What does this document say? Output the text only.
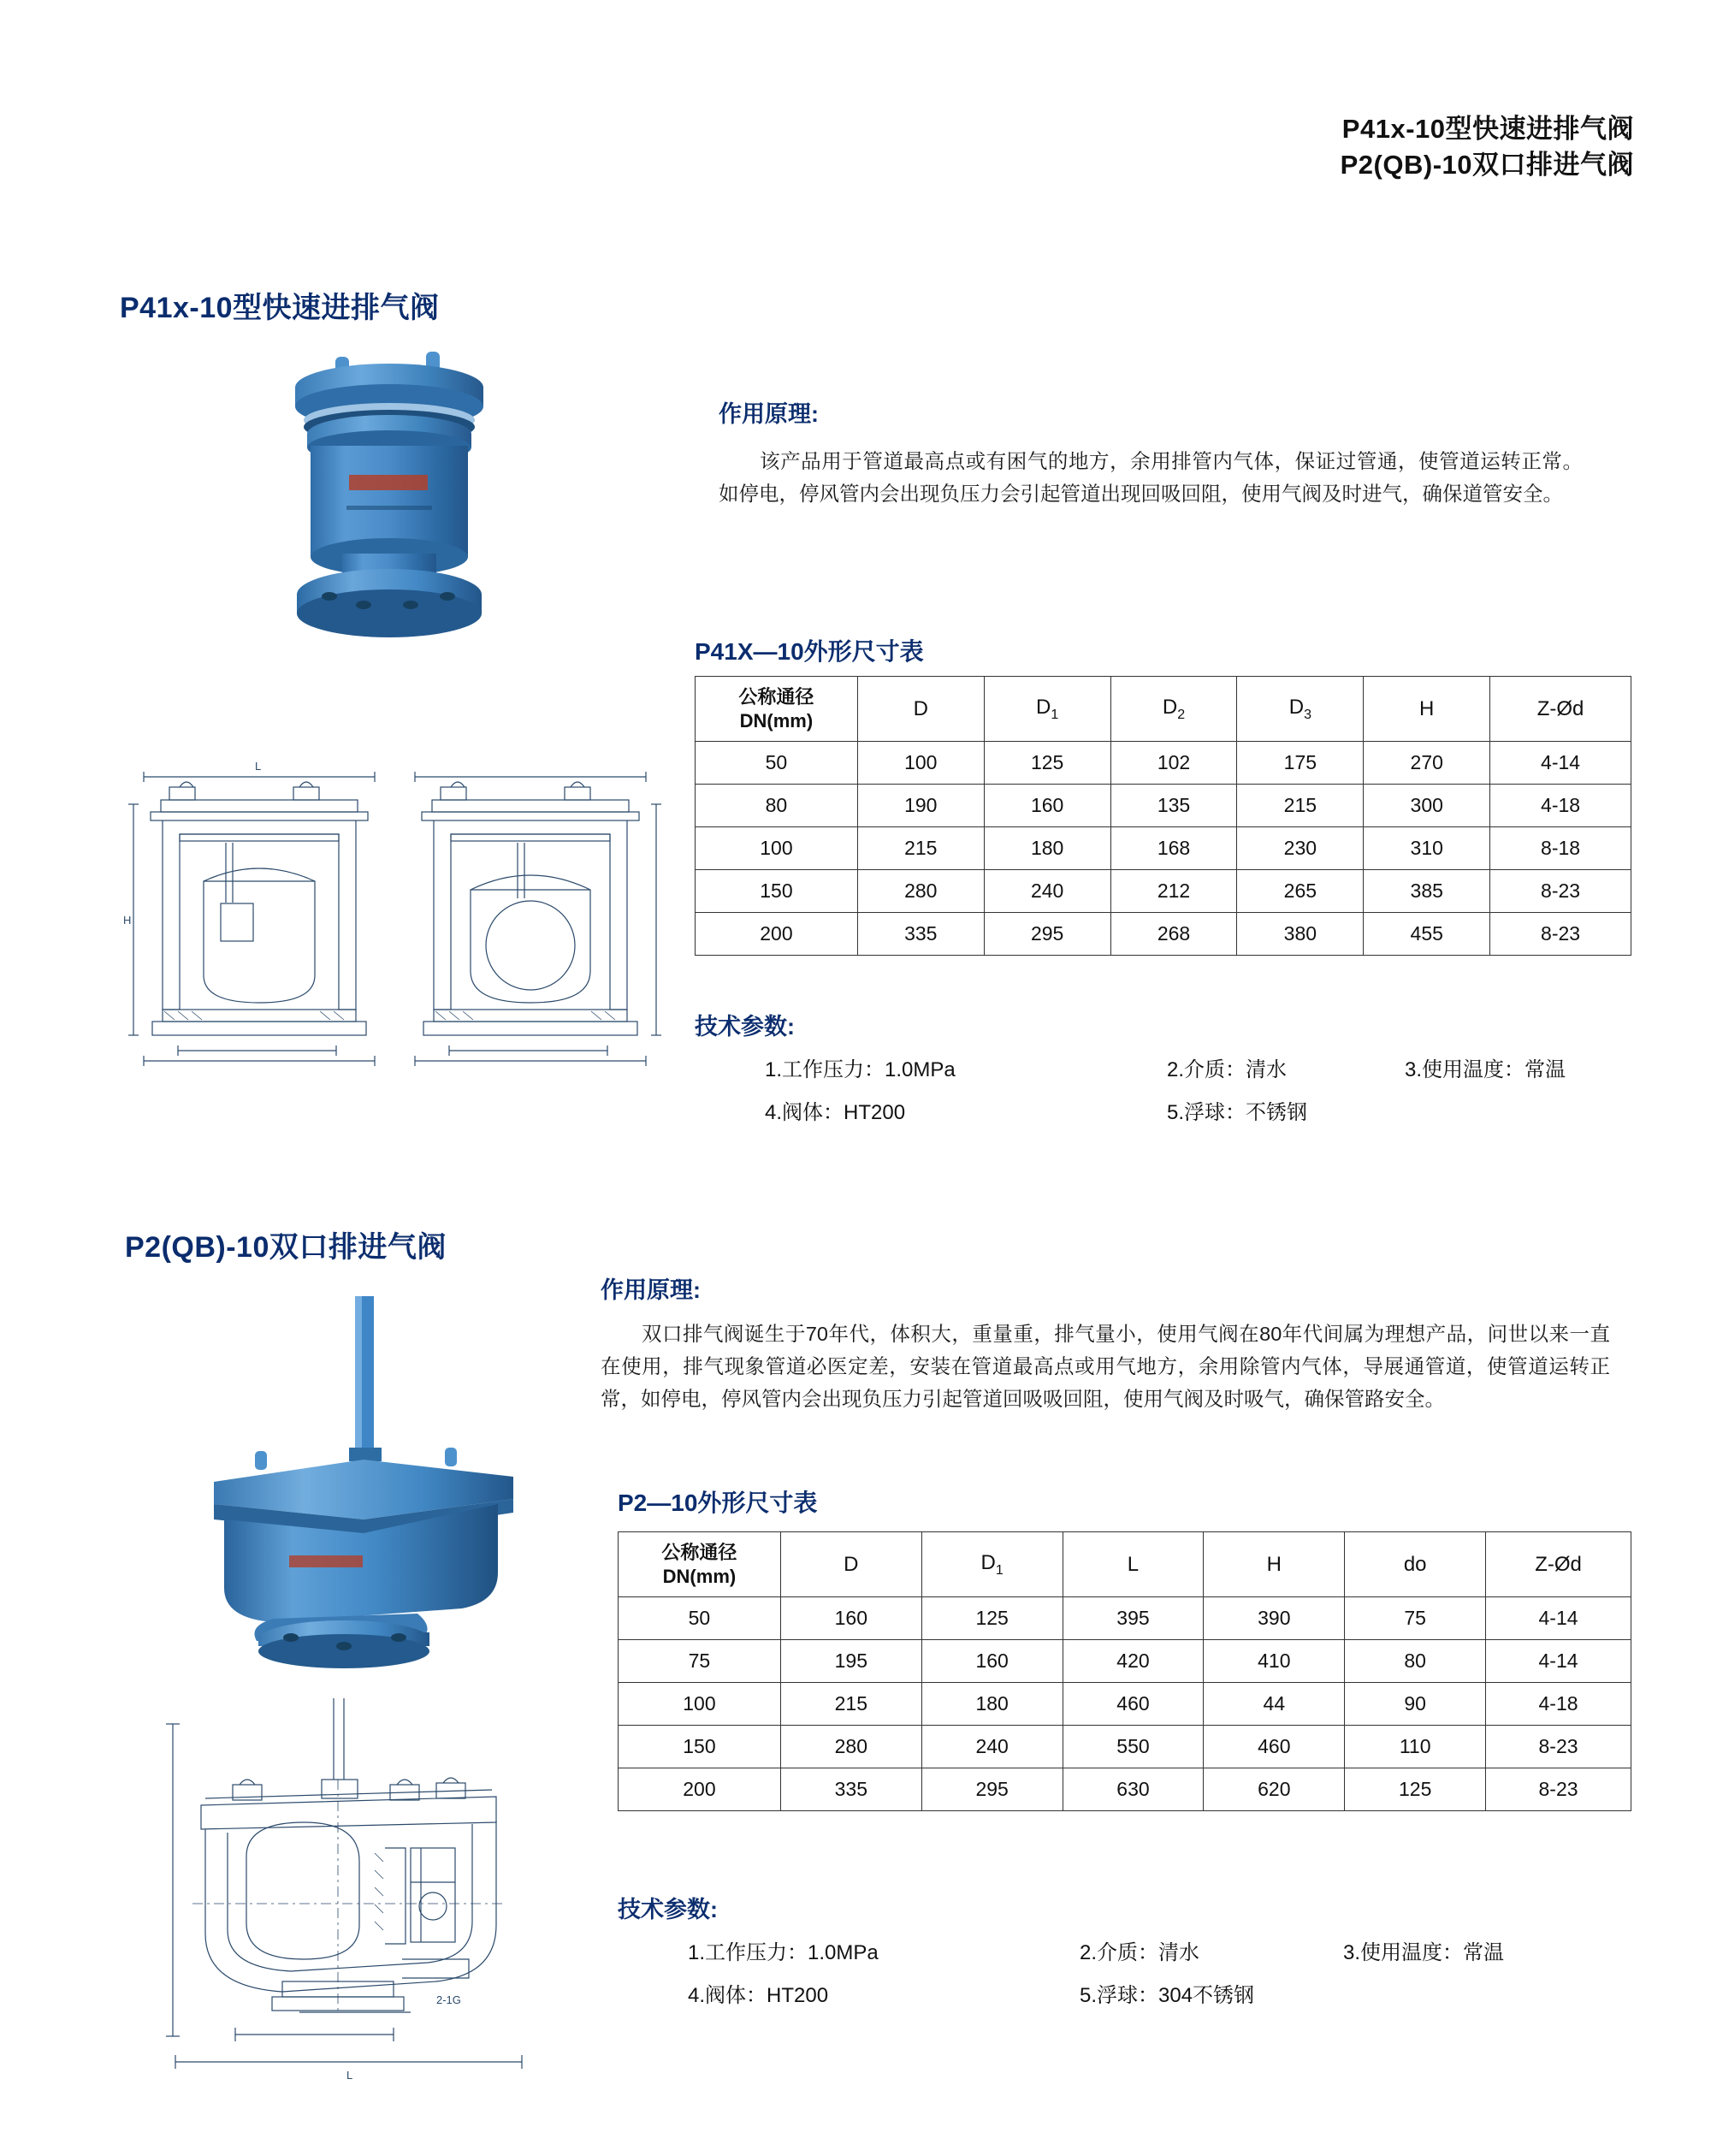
P41x-10型快速进排气阀
P2(QB)-10双口排进气阀
P41x-10型快速进排气阀
L
H
作用原理:
该产品用于管道最高点或有困气的地方，余用排管内气体，保证过管通，使管道运转正常。如停电，停风管内会出现负压力会引起管道出现回吸回阻，使用气阀及时进气，确保道管安全。
P41X—10外形尺寸表
公称通径
DN(mm)	D	$D_1$	$D_2$	$D_3$	H	Z-Ød
50	100	125	102	175	270	4-14
80	190	160	135	215	300	4-18
100	215	180	168	230	310	8-18
150	280	240	212	265	385	8-23
200	335	295	268	380	455	8-23
技术参数:
1.工作压力：1.0MPa	2.介质：清水	3.使用温度：常温
4.阀体：HT200	5.浮球：不锈钢
P2(QB)-10双口排进气阀
2-1G
L
作用原理:
双口排气阀诞生于70年代，体积大，重量重，排气量小，使用气阀在80年代间属为理想产品，问世以来一直在使用，排气现象管道必医定差，安装在管道最高点或用气地方，余用除管内气体，导展通管道，使管道运转正常，如停电，停风管内会出现负压力引起管道回吸吸回阻，使用气阀及时吸气，确保管路安全。
P2—10外形尺寸表
公称通径
DN(mm)	D	$D_1$	L	H	do	Z-Ød
50	160	125	395	390	75	4-14
75	195	160	420	410	80	4-14
100	215	180	460	44	90	4-18
150	280	240	550	460	110	8-23
200	335	295	630	620	125	8-23
技术参数:
1.工作压力：1.0MPa	2.介质：清水	3.使用温度：常温
4.阀体：HT200	5.浮球：304不锈钢
